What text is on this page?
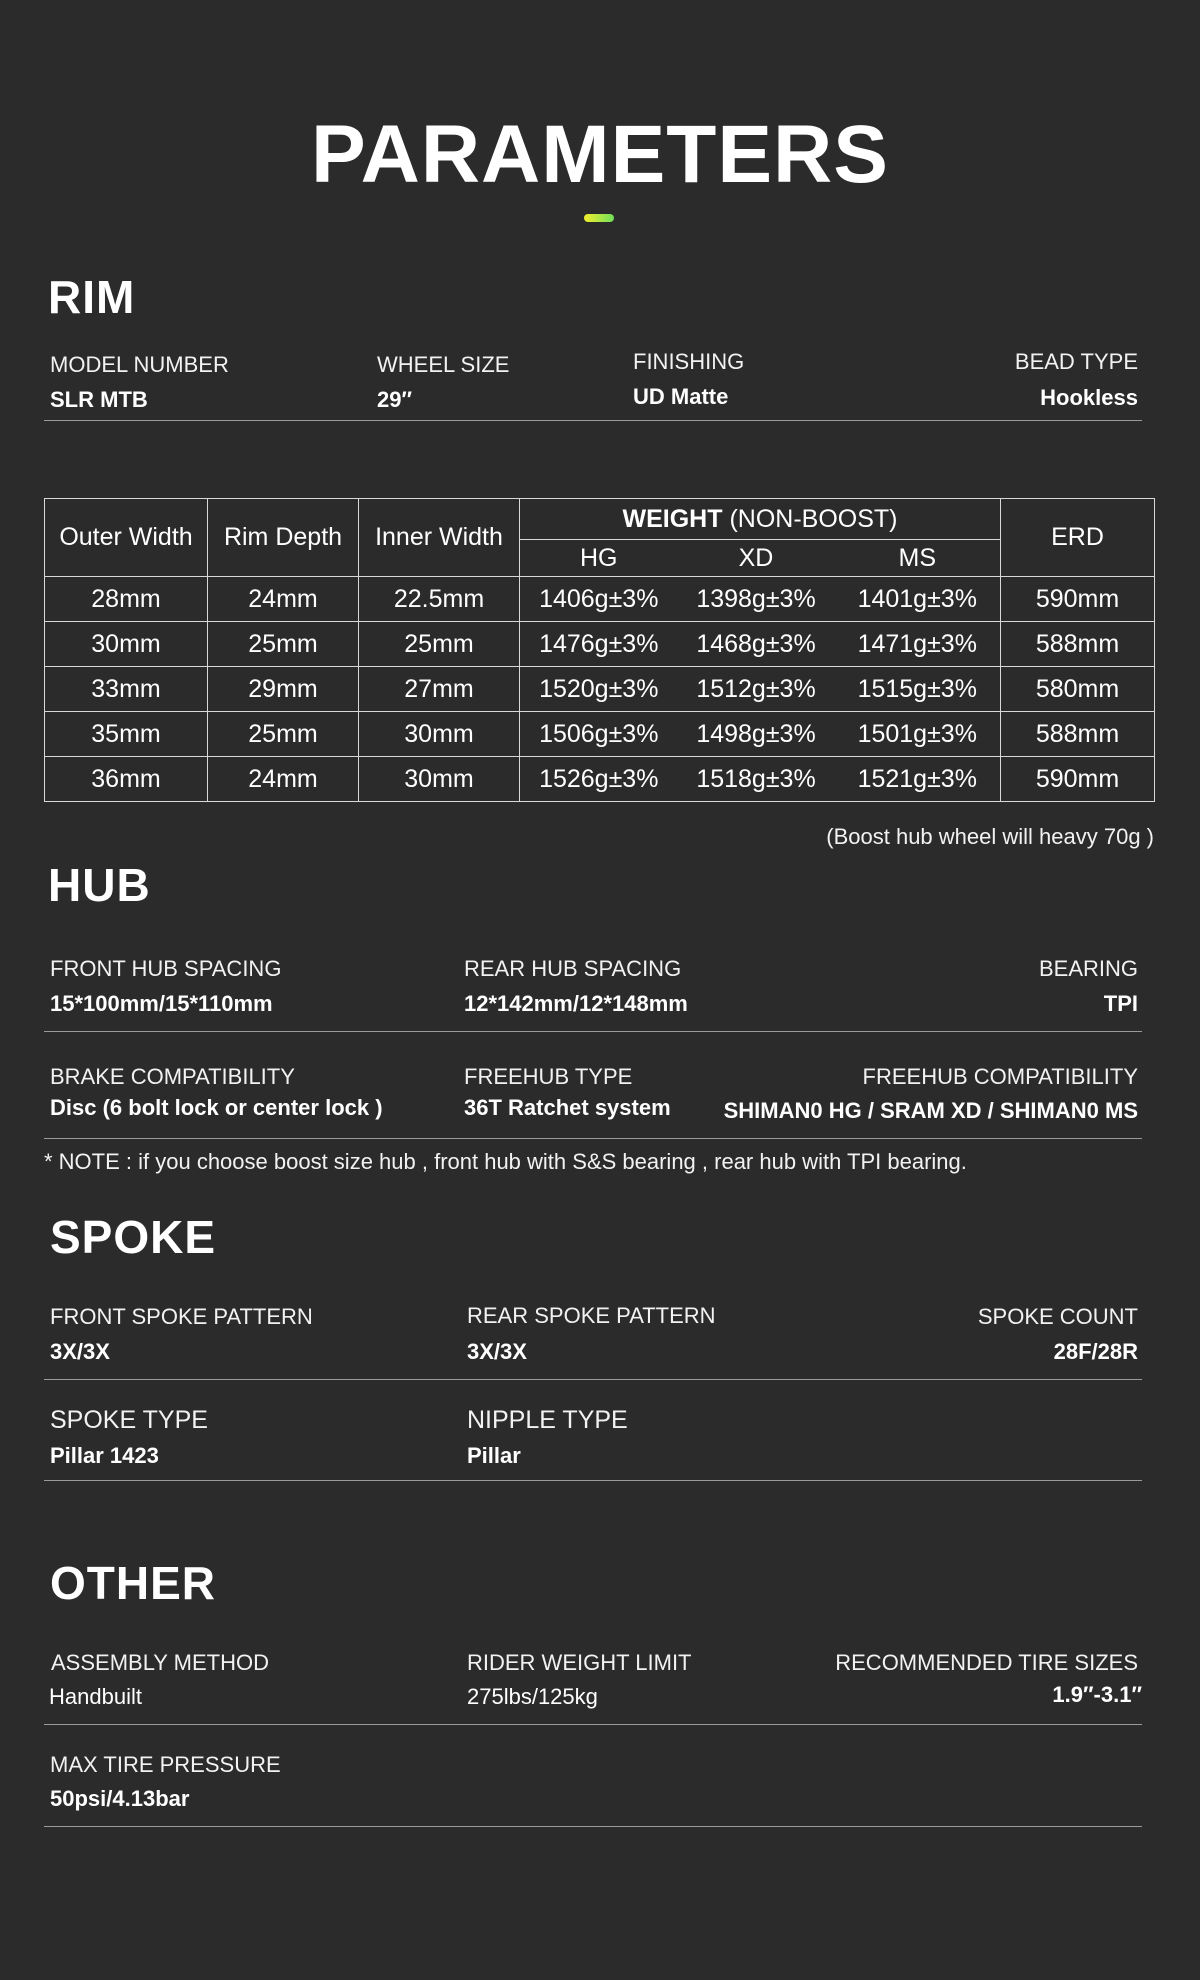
PARAMETERS
RIM
MODEL NUMBER
SLR MTB
WHEEL SIZE
29″
FINISHING
UD Matte
BEAD TYPE
Hookless
Outer Width	Rim Depth	Inner Width	WEIGHT (NON-BOOST)			ERD
			HG	XD	MS	
28mm	24mm	22.5mm	1406g±3%	1398g±3%	1401g±3%	590mm
30mm	25mm	25mm	1476g±3%	1468g±3%	1471g±3%	588mm
33mm	29mm	27mm	1520g±3%	1512g±3%	1515g±3%	580mm
35mm	25mm	30mm	1506g±3%	1498g±3%	1501g±3%	588mm
36mm	24mm	30mm	1526g±3%	1518g±3%	1521g±3%	590mm
(Boost hub wheel will heavy 70g )
HUB
FRONT HUB SPACING
15*100mm/15*110mm
REAR HUB SPACING
12*142mm/12*148mm
BEARING
TPI
BRAKE COMPATIBILITY
Disc (6 bolt lock or center lock )
FREEHUB TYPE
36T Ratchet system
FREEHUB COMPATIBILITY
SHIMAN0 HG / SRAM XD / SHIMAN0 MS
* NOTE : if you choose boost size hub , front hub with S&S bearing , rear hub with TPI bearing.
SPOKE
FRONT SPOKE PATTERN
3X/3X
REAR SPOKE PATTERN
3X/3X
SPOKE COUNT
28F/28R
SPOKE TYPE
Pillar 1423
NIPPLE TYPE
Pillar
OTHER
ASSEMBLY METHOD
Handbuilt
RIDER WEIGHT LIMIT
275lbs/125kg
RECOMMENDED TIRE SIZES
1.9″-3.1″
MAX TIRE PRESSURE
50psi/4.13bar
